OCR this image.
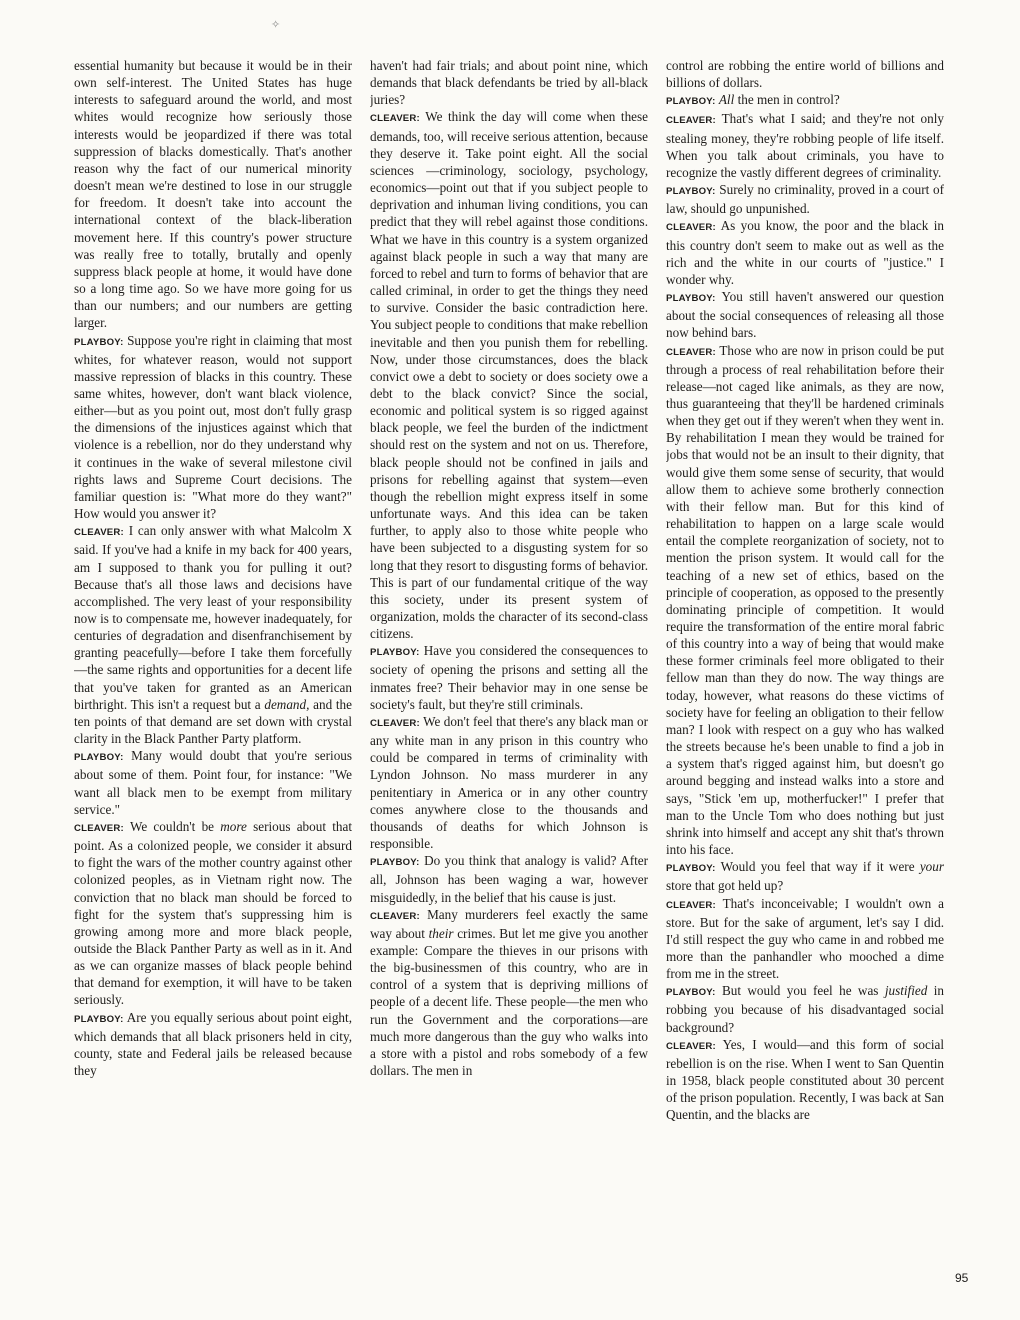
✧

essential humanity but because it would be in their own self-interest. The United States has huge interests to safeguard around the world, and most whites would recognize how seriously those interests would be jeopardized if there was total suppression of blacks domestically. That's another reason why the fact of our numerical minority doesn't mean we're destined to lose in our struggle for freedom. It doesn't take into account the international context of the black-liberation movement here. If this country's power structure was really free to totally, brutally and openly suppress black people at home, it would have done so a long time ago. So we have more going for us than our numbers; and our numbers are getting larger.

PLAYBOY: Suppose you're right in claiming that most whites, for whatever reason, would not support massive repression of blacks in this country. These same whites, however, don't want black violence, either—but as you point out, most don't fully grasp the dimensions of the injustices against which that violence is a rebellion, nor do they understand why it continues in the wake of several milestone civil rights laws and Supreme Court decisions. The familiar question is: "What more do they want?" How would you answer it?

CLEAVER: I can only answer with what Malcolm X said. If you've had a knife in my back for 400 years, am I supposed to thank you for pulling it out? Because that's all those laws and decisions have accomplished. The very least of your responsibility now is to compensate me, however inadequately, for centuries of degradation and disenfranchisement by granting peacefully—before I take them forcefully—the same rights and opportunities for a decent life that you've taken for granted as an American birthright. This isn't a request but a demand, and the ten points of that demand are set down with crystal clarity in the Black Panther Party platform.

PLAYBOY: Many would doubt that you're serious about some of them. Point four, for instance: "We want all black men to be exempt from military service."

CLEAVER: We couldn't be more serious about that point. As a colonized people, we consider it absurd to fight the wars of the mother country against other colonized peoples, as in Vietnam right now. The conviction that no black man should be forced to fight for the system that's suppressing him is growing among more and more black people, outside the Black Panther Party as well as in it. And as we can organize masses of black people behind that demand for exemption, it will have to be taken seriously.

PLAYBOY: Are you equally serious about point eight, which demands that all black prisoners held in city, county, state and Federal jails be released because they

haven't had fair trials; and about point nine, which demands that black defendants be tried by all-black juries?

CLEAVER: We think the day will come when these demands, too, will receive serious attention, because they deserve it. Take point eight. All the social sciences —criminology, sociology, psychology, economics—point out that if you subject people to deprivation and inhuman living conditions, you can predict that they will rebel against those conditions. What we have in this country is a system organized against black people in such a way that many are forced to rebel and turn to forms of behavior that are called criminal, in order to get the things they need to survive. Consider the basic contradiction here. You subject people to conditions that make rebellion inevitable and then you punish them for rebelling. Now, under those circumstances, does the black convict owe a debt to society or does society owe a debt to the black convict? Since the social, economic and political system is so rigged against black people, we feel the burden of the indictment should rest on the system and not on us. Therefore, black people should not be confined in jails and prisons for rebelling against that system—even though the rebellion might express itself in some unfortunate ways. And this idea can be taken further, to apply also to those white people who have been subjected to a disgusting system for so long that they resort to disgusting forms of behavior. This is part of our fundamental critique of the way this society, under its present system of organization, molds the character of its second-class citizens.

PLAYBOY: Have you considered the consequences to society of opening the prisons and setting all the inmates free? Their behavior may in one sense be society's fault, but they're still criminals.

CLEAVER: We don't feel that there's any black man or any white man in any prison in this country who could be compared in terms of criminality with Lyndon Johnson. No mass murderer in any penitentiary in America or in any other country comes anywhere close to the thousands and thousands of deaths for which Johnson is responsible.

PLAYBOY: Do you think that analogy is valid? After all, Johnson has been waging a war, however misguidedly, in the belief that his cause is just.

CLEAVER: Many murderers feel exactly the same way about their crimes. But let me give you another example: Compare the thieves in our prisons with the big-businessmen of this country, who are in control of a system that is depriving millions of people of a decent life. These people—the men who run the Government and the corporations—are much more dangerous than the guy who walks into a store with a pistol and robs somebody of a few dollars. The men in

control are robbing the entire world of billions and billions of dollars.

PLAYBOY: All the men in control?

CLEAVER: That's what I said; and they're not only stealing money, they're robbing people of life itself. When you talk about criminals, you have to recognize the vastly different degrees of criminality.

PLAYBOY: Surely no criminality, proved in a court of law, should go unpunished.

CLEAVER: As you know, the poor and the black in this country don't seem to make out as well as the rich and the white in our courts of "justice." I wonder why.

PLAYBOY: You still haven't answered our question about the social consequences of releasing all those now behind bars.

CLEAVER: Those who are now in prison could be put through a process of real rehabilitation before their release—not caged like animals, as they are now, thus guaranteeing that they'll be hardened criminals when they get out if they weren't when they went in. By rehabilitation I mean they would be trained for jobs that would not be an insult to their dignity, that would give them some sense of security, that would allow them to achieve some brotherly connection with their fellow man. But for this kind of rehabilitation to happen on a large scale would entail the complete reorganization of society, not to mention the prison system. It would call for the teaching of a new set of ethics, based on the principle of cooperation, as opposed to the presently dominating principle of competition. It would require the transformation of the entire moral fabric of this country into a way of being that would make these former criminals feel more obligated to their fellow man than they do now. The way things are today, however, what reasons do these victims of society have for feeling an obligation to their fellow man? I look with respect on a guy who has walked the streets because he's been unable to find a job in a system that's rigged against him, but doesn't go around begging and instead walks into a store and says, "Stick 'em up, motherfucker!" I prefer that man to the Uncle Tom who does nothing but just shrink into himself and accept any shit that's thrown into his face.

PLAYBOY: Would you feel that way if it were your store that got held up?

CLEAVER: That's inconceivable; I wouldn't own a store. But for the sake of argument, let's say I did. I'd still respect the guy who came in and robbed me more than the panhandler who mooched a dime from me in the street.

PLAYBOY: But would you feel he was justified in robbing you because of his disadvantaged social background?

CLEAVER: Yes, I would—and this form of social rebellion is on the rise. When I went to San Quentin in 1958, black people constituted about 30 percent of the prison population. Recently, I was back at San Quentin, and the blacks are

95
